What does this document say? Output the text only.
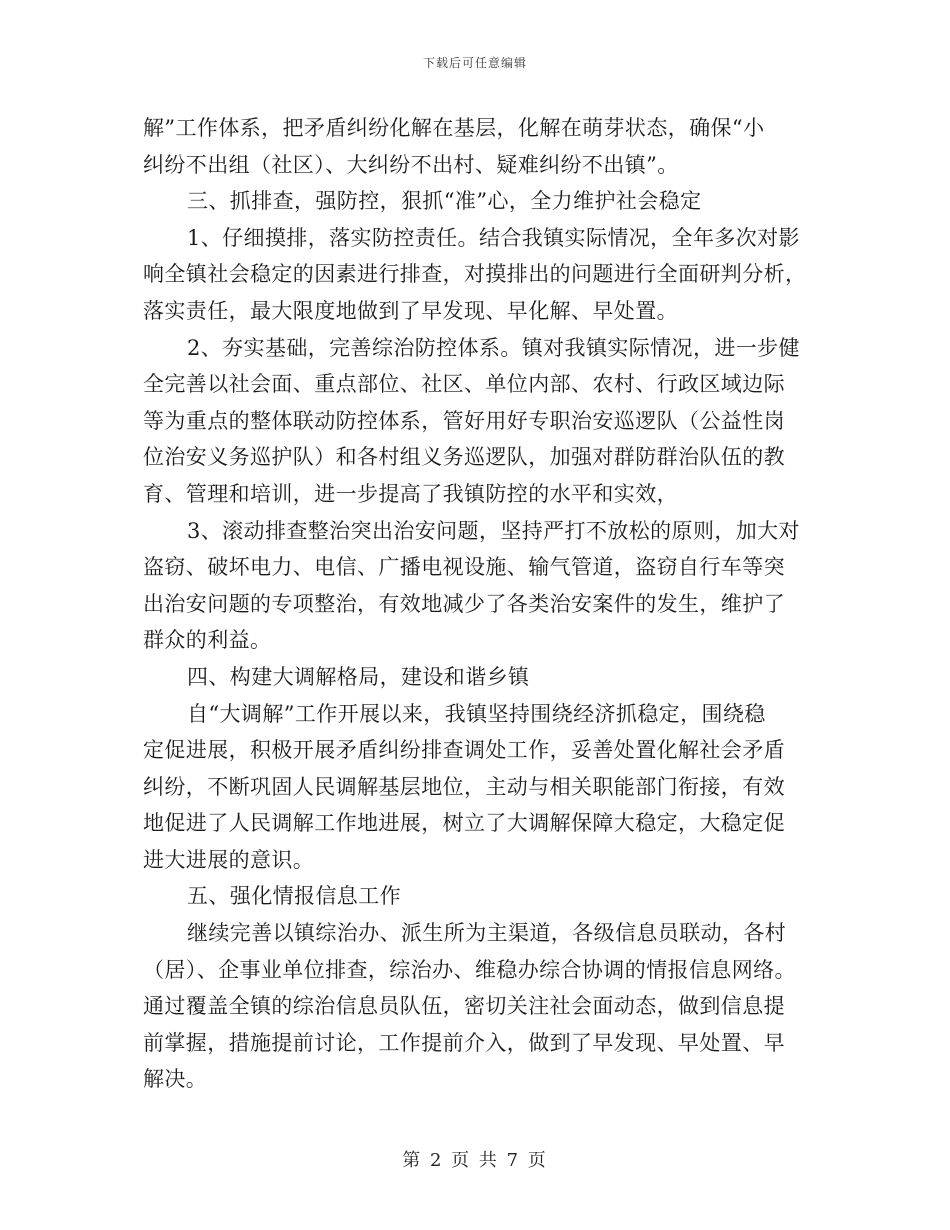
下载后可任意编辑
解”工作体系，把矛盾纠纷化解在基层，化解在萌芽状态，确保“小
纠纷不出组（社区）、大纠纷不出村、疑难纠纷不出镇”。
三、抓排查，强防控，狠抓“准”心，全力维护社会稳定
1、仔细摸排，落实防控责任。结合我镇实际情况，全年多次对影
响全镇社会稳定的因素进行排查，对摸排出的问题进行全面研判分析，
落实责任，最大限度地做到了早发现、早化解、早处置。
2、夯实基础，完善综治防控体系。镇对我镇实际情况，进一步健
全完善以社会面、重点部位、社区、单位内部、农村、行政区域边际
等为重点的整体联动防控体系，管好用好专职治安巡逻队（公益性岗
位治安义务巡护队）和各村组义务巡逻队，加强对群防群治队伍的教
育、管理和培训，进一步提高了我镇防控的水平和实效，
3、滚动排查整治突出治安问题，坚持严打不放松的原则，加大对
盗窃、破坏电力、电信、广播电视设施、输气管道，盗窃自行车等突
出治安问题的专项整治，有效地减少了各类治安案件的发生，维护了
群众的利益。
四、构建大调解格局，建设和谐乡镇
自“大调解”工作开展以来，我镇坚持围绕经济抓稳定，围绕稳
定促进展，积极开展矛盾纠纷排查调处工作，妥善处置化解社会矛盾
纠纷，不断巩固人民调解基层地位，主动与相关职能部门衔接，有效
地促进了人民调解工作地进展，树立了大调解保障大稳定，大稳定促
进大进展的意识。
五、强化情报信息工作
继续完善以镇综治办、派生所为主渠道，各级信息员联动，各村
（居）、企事业单位排查，综治办、维稳办综合协调的情报信息网络。
通过覆盖全镇的综治信息员队伍，密切关注社会面动态，做到信息提
前掌握，措施提前讨论，工作提前介入，做到了早发现、早处置、早
解决。
第 2 页 共 7 页
